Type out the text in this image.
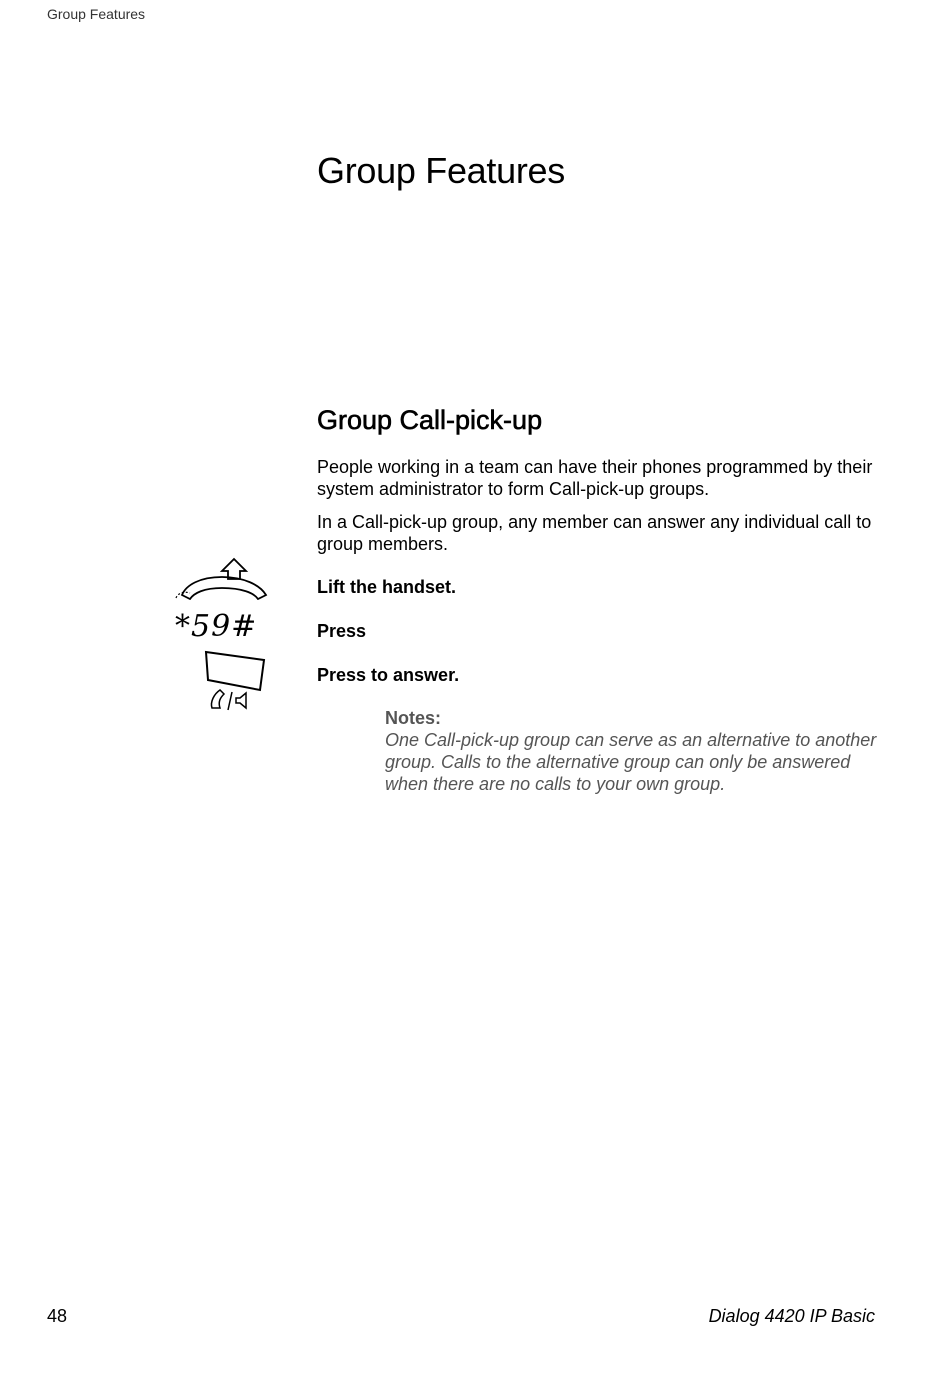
Group Features
Group Features
Group Call-pick-up

People working in a team can have their phones programmed by their system administrator to form Call-pick-up groups.

In a Call-pick-up group, any member can answer any individual call to group members.

Lift the handset.
*59#	Press
Press to answer.
Notes:
One Call-pick-up group can serve as an alternative to another group. Calls to the alternative group can only be answered when there are no calls to your own group.
48	Dialog 4420 IP Basic
